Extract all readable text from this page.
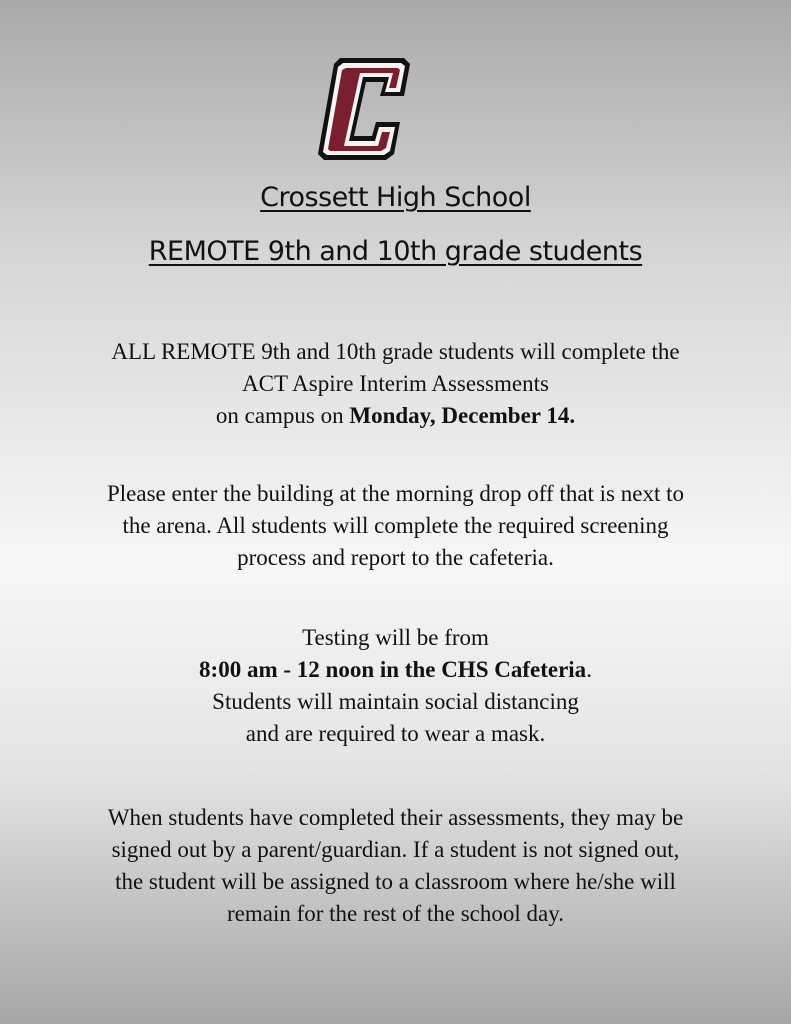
Crossett High School
REMOTE 9th and 10th grade students
ALL REMOTE 9th and 10th grade students will complete the
ACT Aspire Interim Assessments
on campus on Monday, December 14.
Please enter the building at the morning drop off that is next to
the arena. All students will complete the required screening
process and report to the cafeteria.
Testing will be from
8:00 am - 12 noon in the CHS Cafeteria.
Students will maintain social distancing
and are required to wear a mask.
When students have completed their assessments, they may be
signed out by a parent/guardian. If a student is not signed out,
the student will be assigned to a classroom where he/she will
remain for the rest of the school day.
